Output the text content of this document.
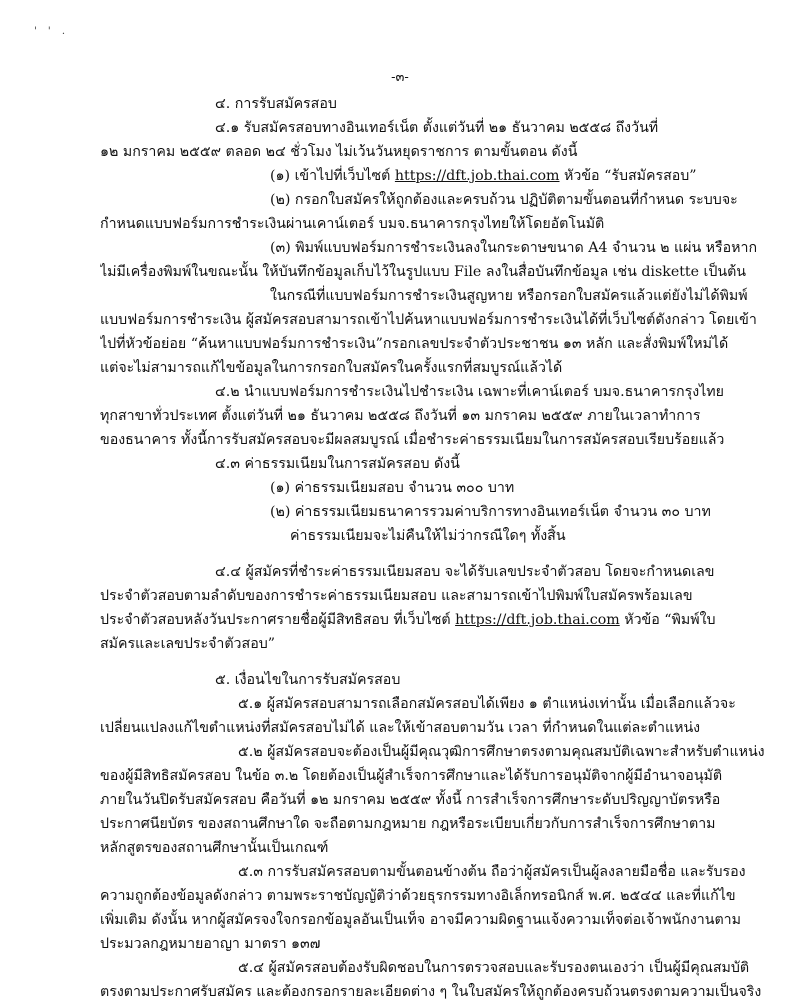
' ' .
-๓-
๔. การรับสมัครสอบ
๔.๑ รับสมัครสอบทางอินเทอร์เน็ต ตั้งแต่วันที่ ๒๑ ธันวาคม ๒๕๕๘ ถึงวันที่
๑๒ มกราคม ๒๕๕๙ ตลอด ๒๔ ชั่วโมง ไม่เว้นวันหยุดราชการ ตามขั้นตอน ดังนี้
(๑) เข้าไปที่เว็บไซต์ https://dft.job.thai.com หัวข้อ “รับสมัครสอบ”
(๒) กรอกใบสมัครให้ถูกต้องและครบถ้วน ปฏิบัติตามขั้นตอนที่กำหนด ระบบจะ
กำหนดแบบฟอร์มการชำระเงินผ่านเคาน์เตอร์ บมจ.ธนาคารกรุงไทยให้โดยอัตโนมัติ
(๓) พิมพ์แบบฟอร์มการชำระเงินลงในกระดาษขนาด A4 จำนวน ๒ แผ่น หรือหาก
ไม่มีเครื่องพิมพ์ในขณะนั้น ให้บันทึกข้อมูลเก็บไว้ในรูปแบบ File ลงในสื่อบันทึกข้อมูล เช่น diskette เป็นต้น
ในกรณีที่แบบฟอร์มการชำระเงินสูญหาย หรือกรอกใบสมัครแล้วแต่ยังไม่ได้พิมพ์
แบบฟอร์มการชำระเงิน ผู้สมัครสอบสามารถเข้าไปค้นหาแบบฟอร์มการชำระเงินได้ที่เว็บไซต์ดังกล่าว โดยเข้า
ไปที่หัวข้อย่อย “ค้นหาแบบฟอร์มการชำระเงิน”กรอกเลขประจำตัวประชาชน ๑๓ หลัก และสั่งพิมพ์ใหม่ได้
แต่จะไม่สามารถแก้ไขข้อมูลในการกรอกใบสมัครในครั้งแรกที่สมบูรณ์แล้วได้
๔.๒ นำแบบฟอร์มการชำระเงินไปชำระเงิน เฉพาะที่เคาน์เตอร์ บมจ.ธนาคารกรุงไทย
ทุกสาขาทั่วประเทศ ตั้งแต่วันที่ ๒๑ ธันวาคม ๒๕๕๘ ถึงวันที่ ๑๓ มกราคม ๒๕๕๙ ภายในเวลาทำการ
ของธนาคาร ทั้งนี้การรับสมัครสอบจะมีผลสมบูรณ์ เมื่อชำระค่าธรรมเนียมในการสมัครสอบเรียบร้อยแล้ว
๔.๓ ค่าธรรมเนียมในการสมัครสอบ ดังนี้
(๑) ค่าธรรมเนียมสอบ จำนวน ๓๐๐ บาท
(๒) ค่าธรรมเนียมธนาคารรวมค่าบริการทางอินเทอร์เน็ต จำนวน ๓๐ บาท
ค่าธรรมเนียมจะไม่คืนให้ไม่ว่ากรณีใดๆ ทั้งสิ้น
๔.๔ ผู้สมัครที่ชำระค่าธรรมเนียมสอบ จะได้รับเลขประจำตัวสอบ โดยจะกำหนดเลข
ประจำตัวสอบตามลำดับของการชำระค่าธรรมเนียมสอบ และสามารถเข้าไปพิมพ์ใบสมัครพร้อมเลข
ประจำตัวสอบหลังวันประกาศรายชื่อผู้มีสิทธิสอบ ที่เว็บไซต์ https://dft.job.thai.com หัวข้อ “พิมพ์ใบ
สมัครและเลขประจำตัวสอบ”
๕. เงื่อนไขในการรับสมัครสอบ
๕.๑ ผู้สมัครสอบสามารถเลือกสมัครสอบได้เพียง ๑ ตำแหน่งเท่านั้น เมื่อเลือกแล้วจะ
เปลี่ยนแปลงแก้ไขตำแหน่งที่สมัครสอบไม่ได้ และให้เข้าสอบตามวัน เวลา ที่กำหนดในแต่ละตำแหน่ง
๕.๒ ผู้สมัครสอบจะต้องเป็นผู้มีคุณวุฒิการศึกษาตรงตามคุณสมบัติเฉพาะสำหรับตำแหน่ง
ของผู้มีสิทธิสมัครสอบ ในข้อ ๓.๒ โดยต้องเป็นผู้สำเร็จการศึกษาและได้รับการอนุมัติจากผู้มีอำนาจอนุมัติ
ภายในวันปิดรับสมัครสอบ คือวันที่ ๑๒ มกราคม ๒๕๕๙ ทั้งนี้ การสำเร็จการศึกษาระดับปริญญาบัตรหรือ
ประกาศนียบัตร ของสถานศึกษาใด จะถือตามกฎหมาย กฎหรือระเบียบเกี่ยวกับการสำเร็จการศึกษาตาม
หลักสูตรของสถานศึกษานั้นเป็นเกณฑ์
๕.๓ การรับสมัครสอบตามขั้นตอนข้างต้น ถือว่าผู้สมัครเป็นผู้ลงลายมือชื่อ และรับรอง
ความถูกต้องข้อมูลดังกล่าว ตามพระราชบัญญัติว่าด้วยธุรกรรมทางอิเล็กทรอนิกส์ พ.ศ. ๒๕๔๔ และที่แก้ไข
เพิ่มเติม ดังนั้น หากผู้สมัครจงใจกรอกข้อมูลอันเป็นเท็จ อาจมีความผิดฐานแจ้งความเท็จต่อเจ้าพนักงานตาม
ประมวลกฎหมายอาญา มาตรา ๑๓๗
๕.๔ ผู้สมัครสอบต้องรับผิดชอบในการตรวจสอบและรับรองตนเองว่า เป็นผู้มีคุณสมบัติ
ตรงตามประกาศรับสมัคร และต้องกรอกรายละเอียดต่าง ๆ ในใบสมัครให้ถูกต้องครบถ้วนตรงตามความเป็นจริง
